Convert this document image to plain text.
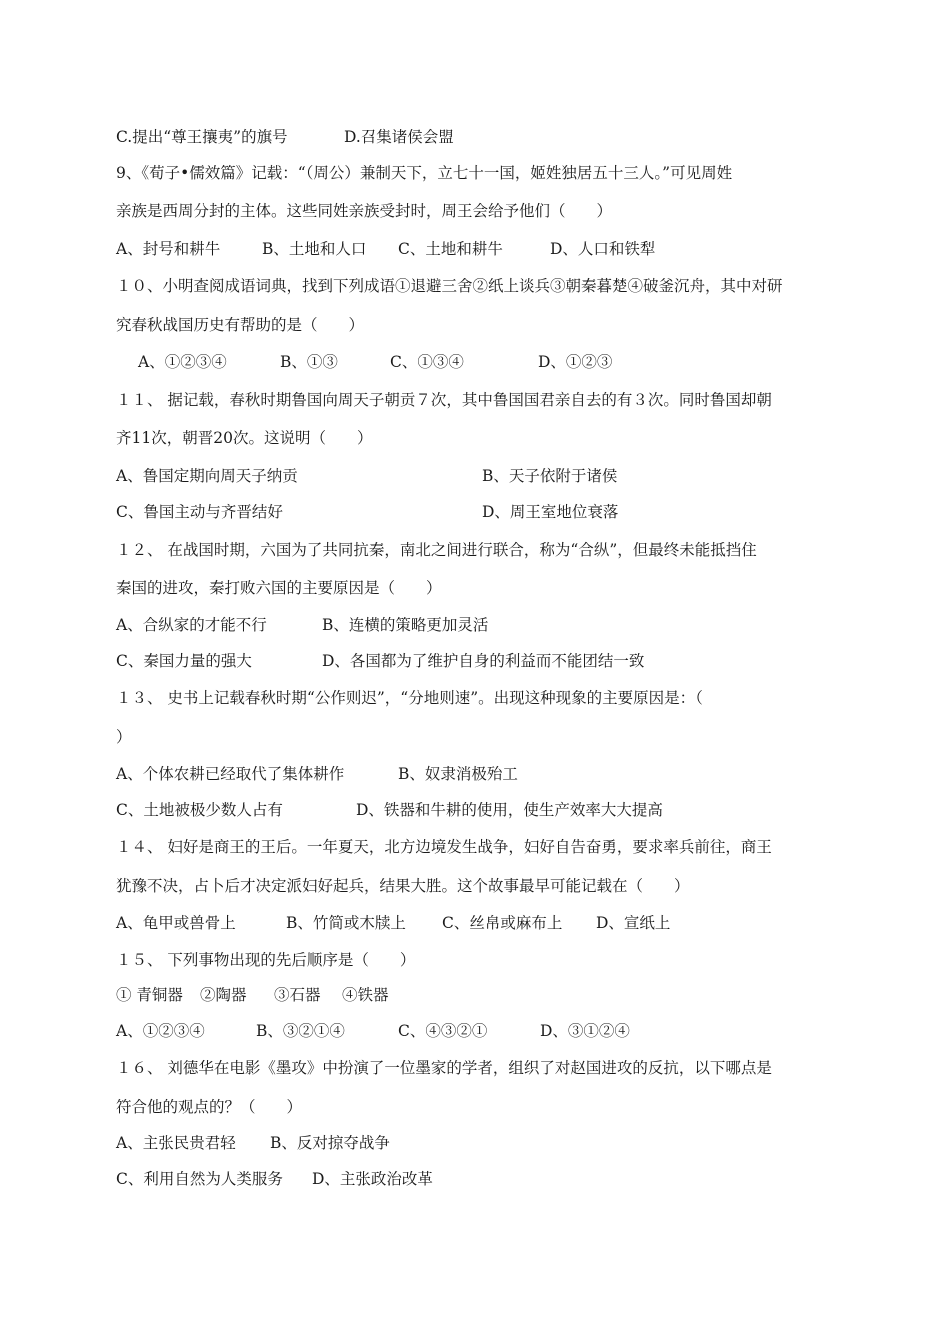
C.提出“尊王攘夷”的旗号	D.召集诸侯会盟
9、《荀子•儒效篇》记载：“（周公）兼制天下，立七十一国，姬姓独居五十三人。”可见周姓
亲族是西周分封的主体。这些同姓亲族受封时，周王会给予他们（　　）
A、封号和耕牛	B、土地和人口 C、土地和耕牛	D、人口和铁犁
１０、小明查阅成语词典，找到下列成语①退避三舍②纸上谈兵③朝秦暮楚④破釜沉舟，其中对研
究春秋战国历史有帮助的是（　　）
A、①②③④	B、①③	C、①③④	D、①②③
１１、 据记载，春秋时期鲁国向周天子朝贡７次，其中鲁国国君亲自去的有３次。同时鲁国却朝
齐11次，朝晋20次。这说明（　　）
A、鲁国定期向周天子纳贡	B、天子依附于诸侯
C、鲁国主动与齐晋结好	D、周王室地位衰落
１２、 在战国时期，六国为了共同抗秦，南北之间进行联合，称为“合纵”，但最终未能抵挡住
秦国的进攻，秦打败六国的主要原因是（　　）
A、合纵家的才能不行	B、连横的策略更加灵活
C、秦国力量的强大	D、各国都为了维护自身的利益而不能团结一致
１３、 史书上记载春秋时期“公作则迟”，“分地则速”。出现这种现象的主要原因是：（
）
A、个体农耕已经取代了集体耕作	B、奴隶消极殆工
C、土地被极少数人占有	D、铁器和牛耕的使用，使生产效率大大提高
１４、 妇好是商王的王后。一年夏天，北方边境发生战争，妇好自告奋勇，要求率兵前往，商王
犹豫不决，占卜后才决定派妇好起兵，结果大胜。这个故事最早可能记载在（　　）
A、龟甲或兽骨上	B、竹简或木牍上 C、丝帛或麻布上 D、宣纸上
１５、 下列事物出现的先后顺序是（　　）
① 青铜器 ②陶器 ③石器 ④铁器
A、①②③④	B、③②①④	C、④③②①	D、③①②④
１６、 刘德华在电影《墨攻》中扮演了一位墨家的学者，组织了对赵国进攻的反抗，以下哪点是
符合他的观点的？（　　）
A、主张民贵君轻 B、反对掠夺战争
C、利用自然为人类服务 D、主张政治改革
